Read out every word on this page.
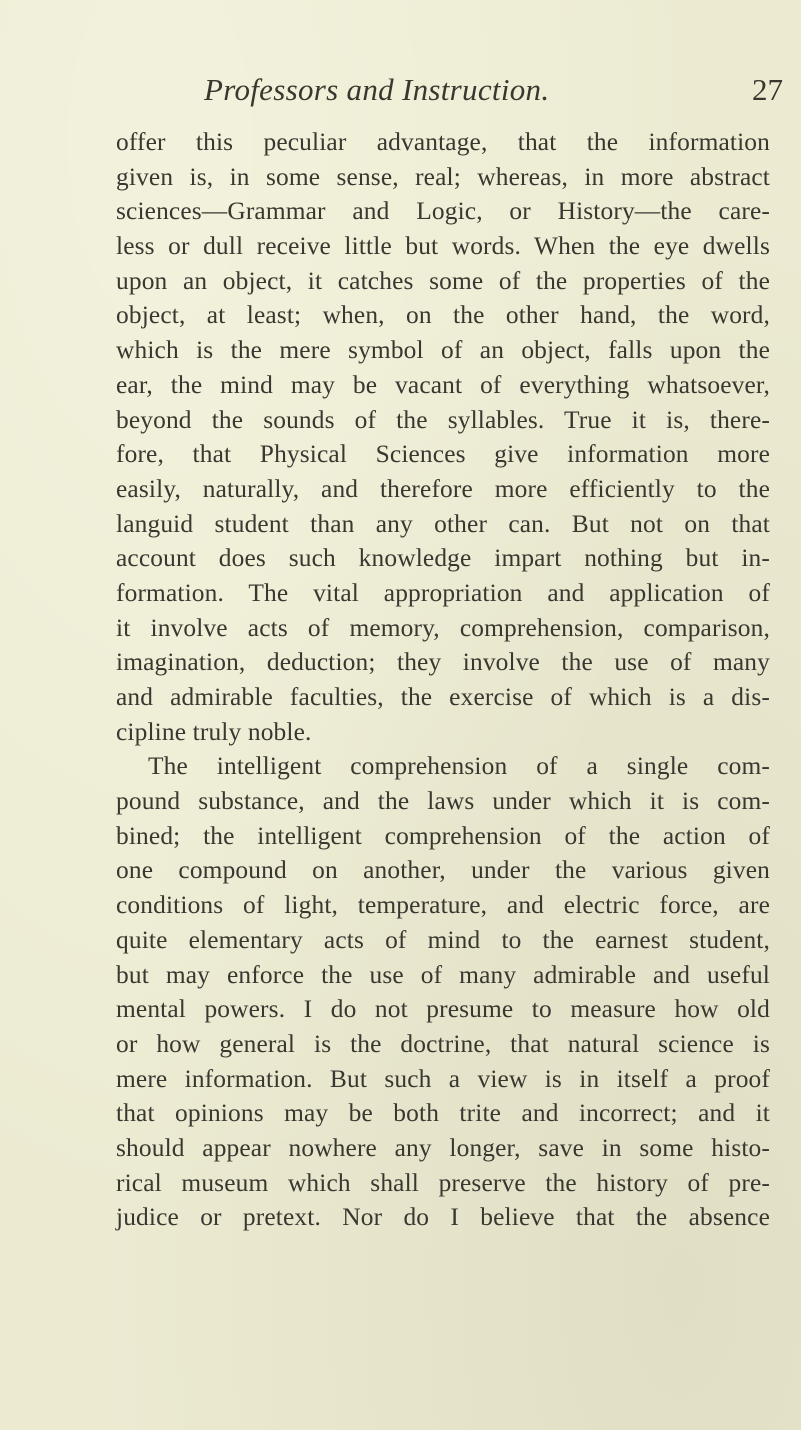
Professors and Instruction.	27
offer this peculiar advantage, that the information
given is, in some sense, real; whereas, in more abstract
sciences—Grammar and Logic, or History—the care-
less or dull receive little but words. When the eye dwells
upon an object, it catches some of the properties of the
object, at least; when, on the other hand, the word,
which is the mere symbol of an object, falls upon the
ear, the mind may be vacant of everything whatsoever,
beyond the sounds of the syllables. True it is, there-
fore, that Physical Sciences give information more
easily, naturally, and therefore more efficiently to the
languid student than any other can. But not on that
account does such knowledge impart nothing but in-
formation. The vital appropriation and application of
it involve acts of memory, comprehension, comparison,
imagination, deduction; they involve the use of many
and admirable faculties, the exercise of which is a dis-
cipline truly noble.
The intelligent comprehension of a single com-
pound substance, and the laws under which it is com-
bined; the intelligent comprehension of the action of
one compound on another, under the various given
conditions of light, temperature, and electric force, are
quite elementary acts of mind to the earnest student,
but may enforce the use of many admirable and useful
mental powers. I do not presume to measure how old
or how general is the doctrine, that natural science is
mere information. But such a view is in itself a proof
that opinions may be both trite and incorrect; and it
should appear nowhere any longer, save in some histo-
rical museum which shall preserve the history of pre-
judice or pretext. Nor do I believe that the absence
